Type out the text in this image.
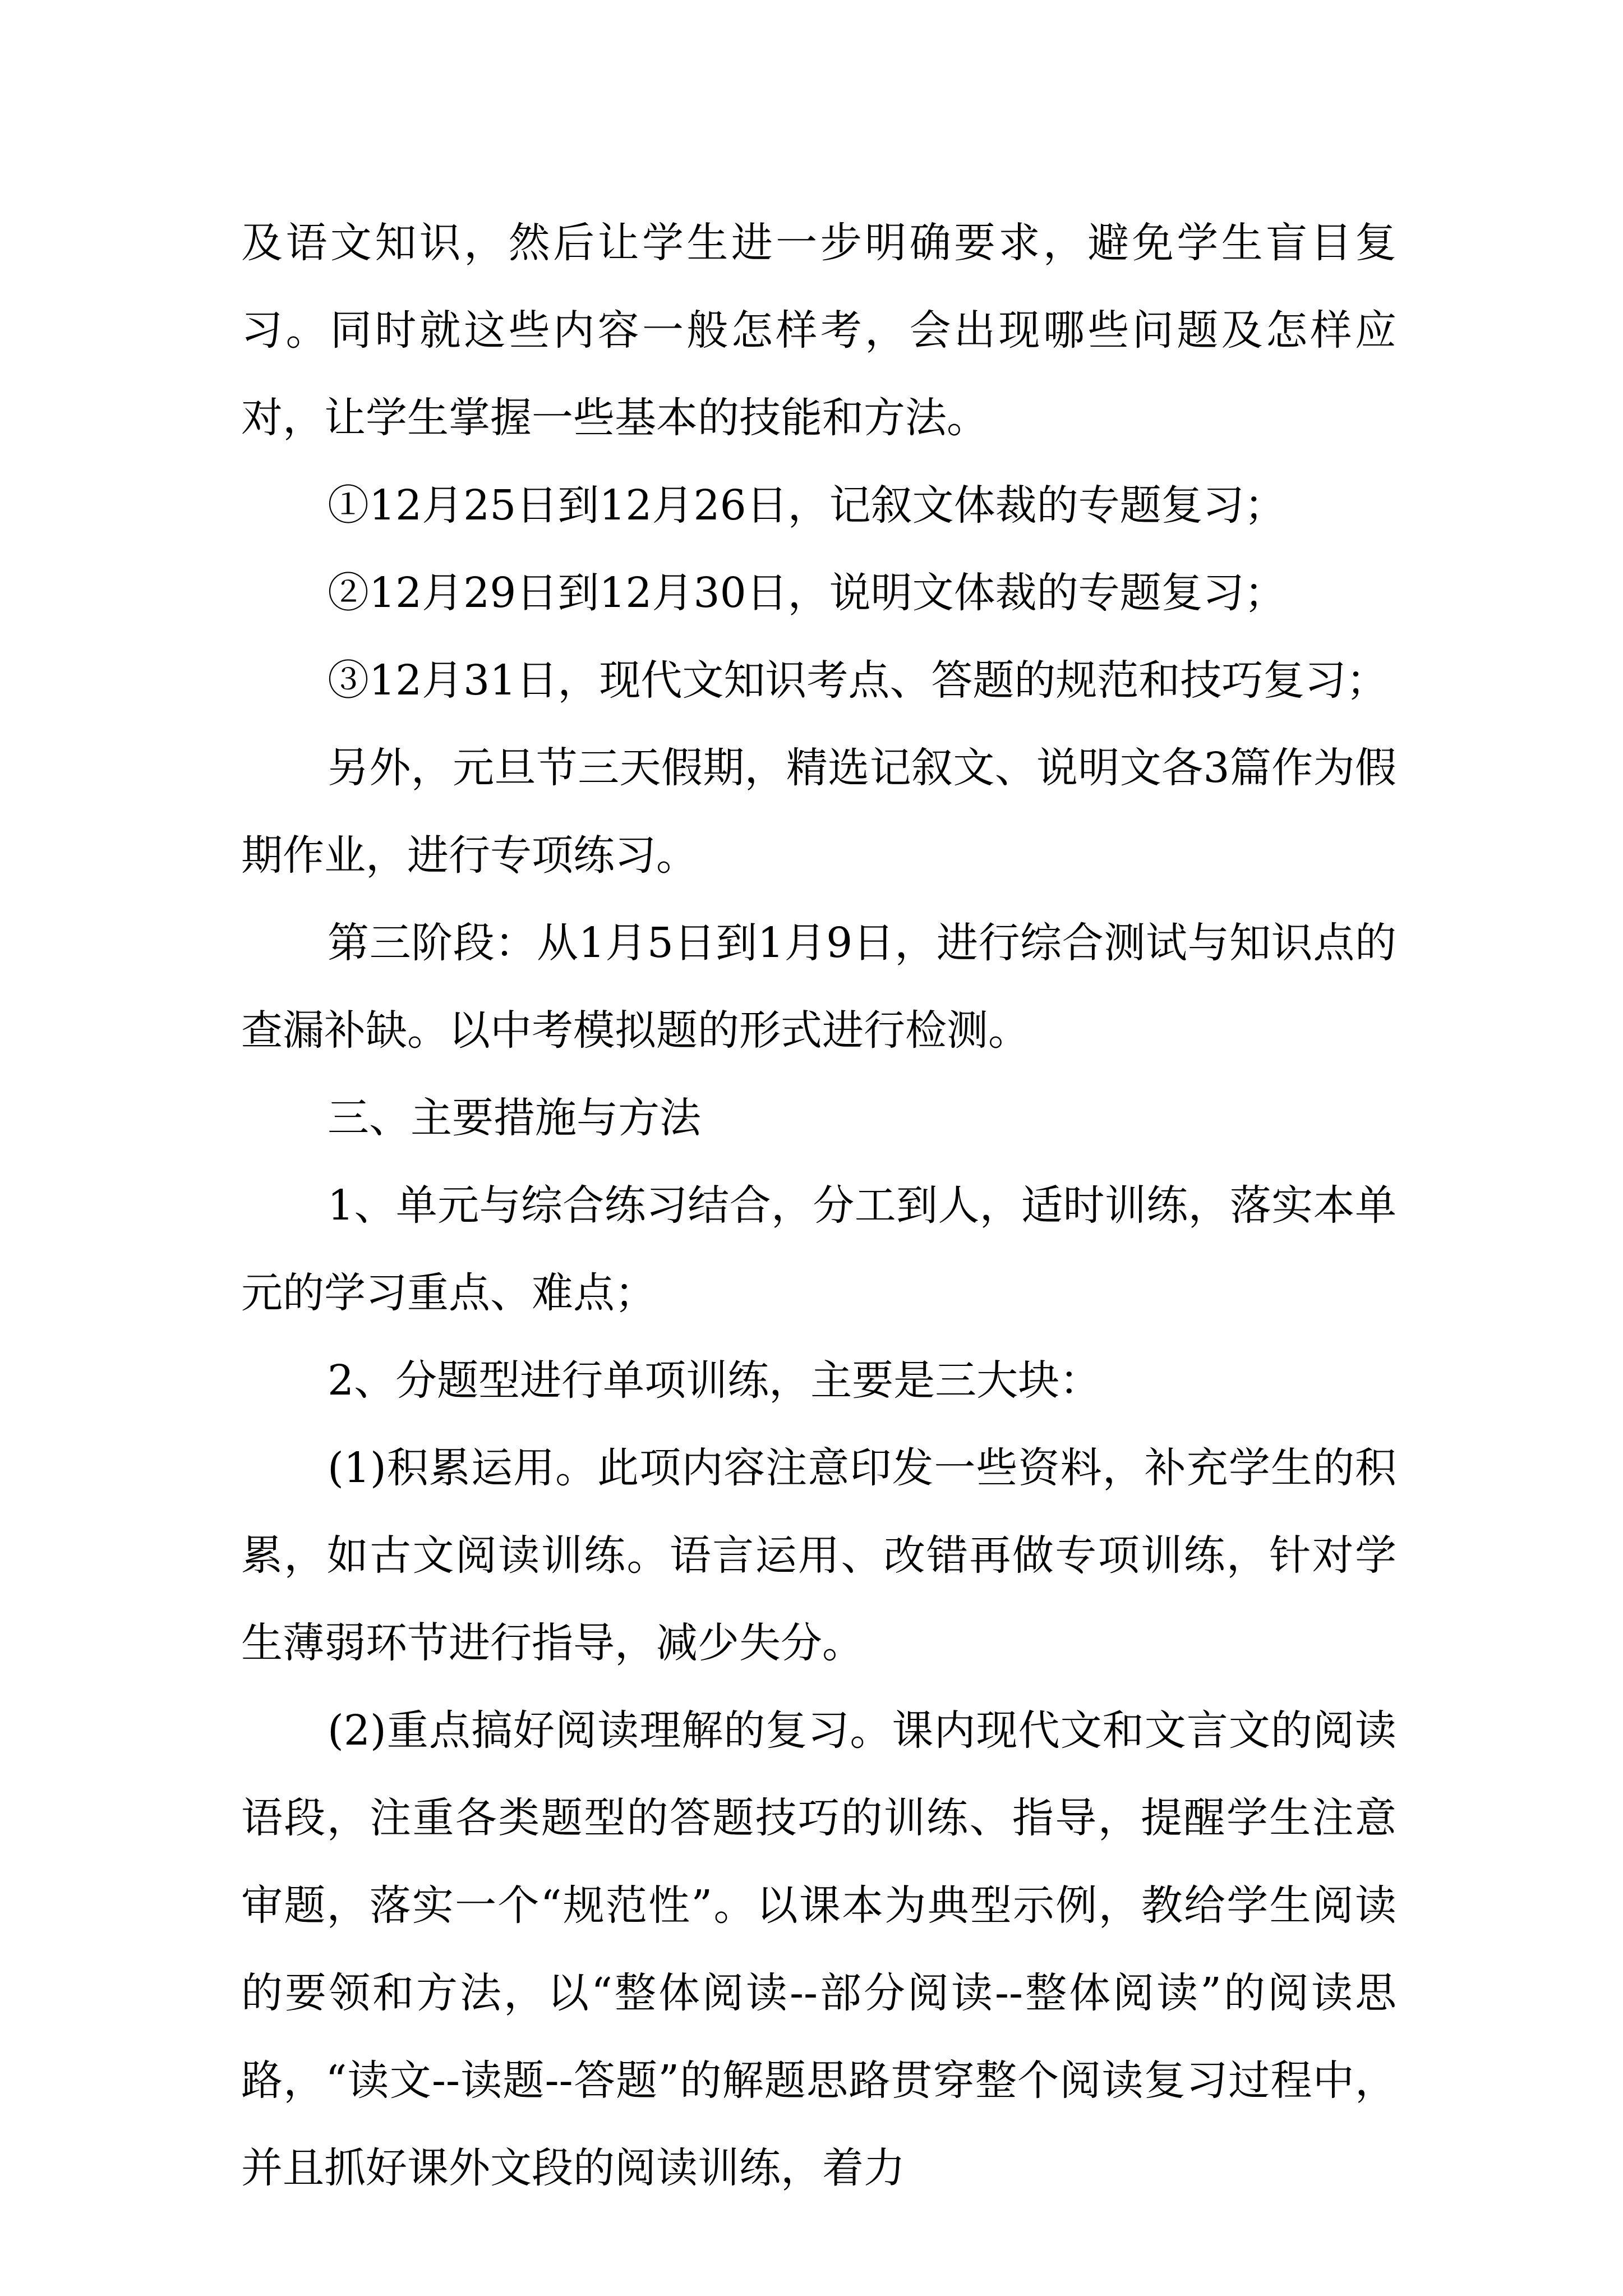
及语文知识，然后让学生进一步明确要求，避免学生盲目复习。同时就这些内容一般怎样考，会出现哪些问题及怎样应对，让学生掌握一些基本的技能和方法。

①12月25日到12月26日，记叙文体裁的专题复习；

②12月29日到12月30日，说明文体裁的专题复习；

③12月31日，现代文知识考点、答题的规范和技巧复习；

另外，元旦节三天假期，精选记叙文、说明文各3篇作为假期作业，进行专项练习。

第三阶段：从1月5日到1月9日，进行综合测试与知识点的查漏补缺。以中考模拟题的形式进行检测。

三、主要措施与方法

1、单元与综合练习结合，分工到人，适时训练，落实本单元的学习重点、难点；

2、分题型进行单项训练，主要是三大块：

(1)积累运用。此项内容注意印发一些资料，补充学生的积累，如古文阅读训练。语言运用、改错再做专项训练，针对学生薄弱环节进行指导，减少失分。

(2)重点搞好阅读理解的复习。课内现代文和文言文的阅读语段，注重各类题型的答题技巧的训练、指导，提醒学生注意审题，落实一个“规范性”。以课本为典型示例，教给学生阅读的要领和方法，以“整体阅读--部分阅读--整体阅读”的阅读思路，“读文--读题--答题”的解题思路贯穿整个阅读复习过程中，并且抓好课外文段的阅读训练，着力
